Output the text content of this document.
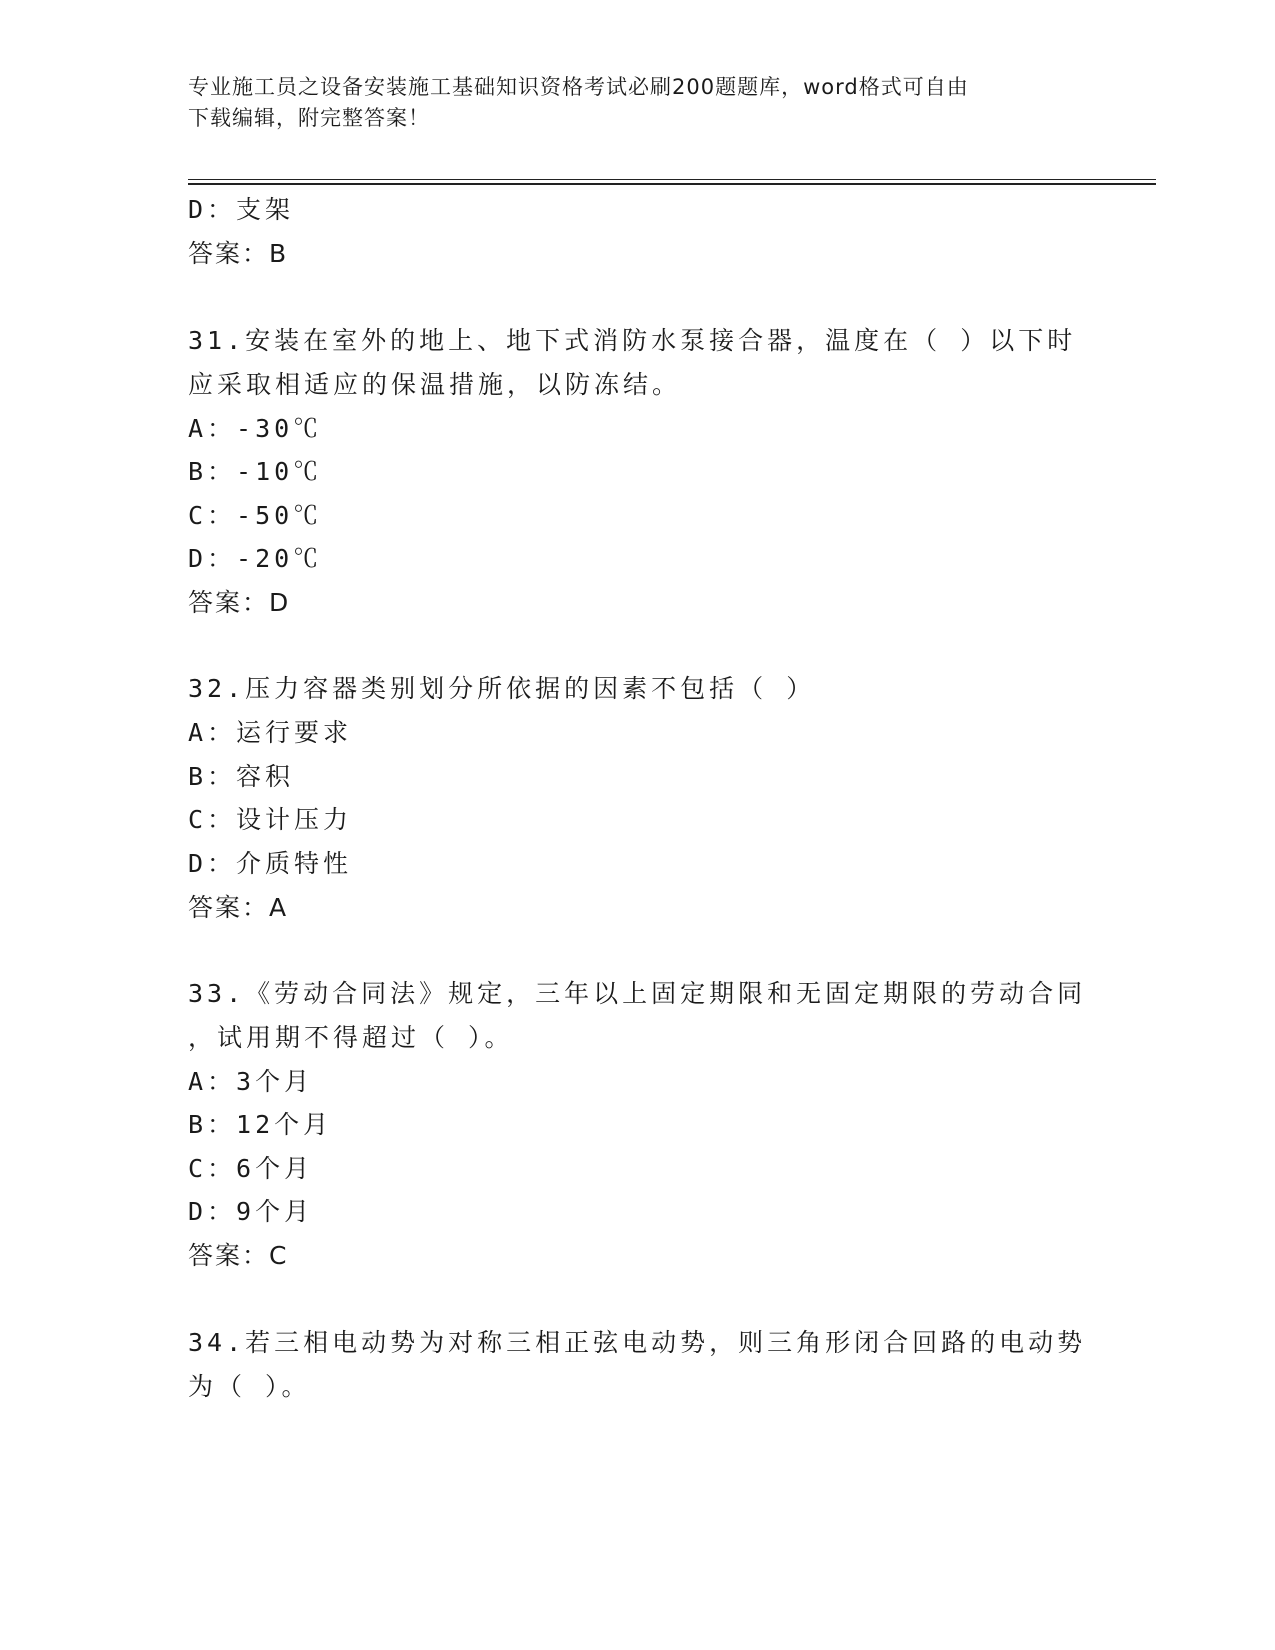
专业施工员之设备安装施工基础知识资格考试必刷200题题库，word格式可自由
下载编辑，附完整答案！
D：支架
答案：B
31.安装在室外的地上、地下式消防水泵接合器，温度在（ ）以下时
应采取相适应的保温措施，以防冻结。
A：-30℃
B：-10℃
C：-50℃
D：-20℃
答案：D
32.压力容器类别划分所依据的因素不包括（ ）
A：运行要求
B：容积
C：设计压力
D：介质特性
答案：A
33.《劳动合同法》规定，三年以上固定期限和无固定期限的劳动合同
，试用期不得超过（ ）。
A：3个月
B：12个月
C：6个月
D：9个月
答案：C
34.若三相电动势为对称三相正弦电动势，则三角形闭合回路的电动势
为（ ）。
